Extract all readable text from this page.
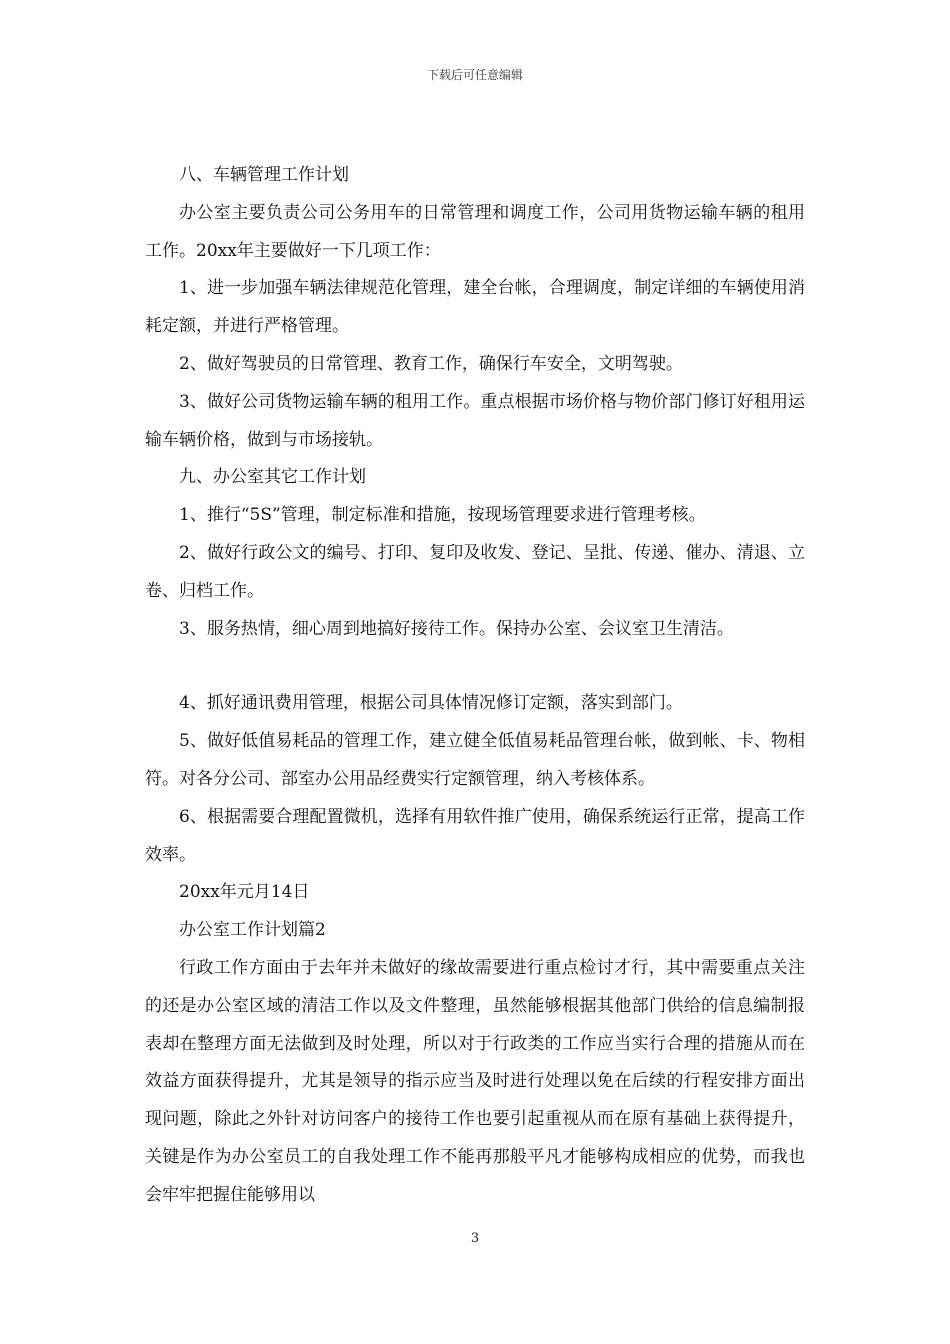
下载后可任意编辑

八、车辆管理工作计划

办公室主要负责公司公务用车的日常管理和调度工作，公司用货物运输车辆的租用工作。20xx年主要做好一下几项工作：

1、进一步加强车辆法律规范化管理，建全台帐，合理调度，制定详细的车辆使用消耗定额，并进行严格管理。

2、做好驾驶员的日常管理、教育工作，确保行车安全，文明驾驶。

3、做好公司货物运输车辆的租用工作。重点根据市场价格与物价部门修订好租用运输车辆价格，做到与市场接轨。

九、办公室其它工作计划

1、推行“5S”管理，制定标准和措施，按现场管理要求进行管理考核。

2、做好行政公文的编号、打印、复印及收发、登记、呈批、传递、催办、清退、立卷、归档工作。

3、服务热情，细心周到地搞好接待工作。保持办公室、会议室卫生清洁。

4、抓好通讯费用管理，根据公司具体情况修订定额，落实到部门。

5、做好低值易耗品的管理工作，建立健全低值易耗品管理台帐，做到帐、卡、物相符。对各分公司、部室办公用品经费实行定额管理，纳入考核体系。

6、根据需要合理配置微机，选择有用软件推广使用，确保系统运行正常，提高工作效率。

20xx年元月14日

办公室工作计划篇2

行政工作方面由于去年并未做好的缘故需要进行重点检讨才行，其中需要重点关注的还是办公室区域的清洁工作以及文件整理，虽然能够根据其他部门供给的信息编制报表却在整理方面无法做到及时处理，所以对于行政类的工作应当实行合理的措施从而在效益方面获得提升，尤其是领导的指示应当及时进行处理以免在后续的行程安排方面出现问题，除此之外针对访问客户的接待工作也要引起重视从而在原有基础上获得提升，关键是作为办公室员工的自我处理工作不能再那般平凡才能够构成相应的优势，而我也会牢牢把握住能够用以

3
